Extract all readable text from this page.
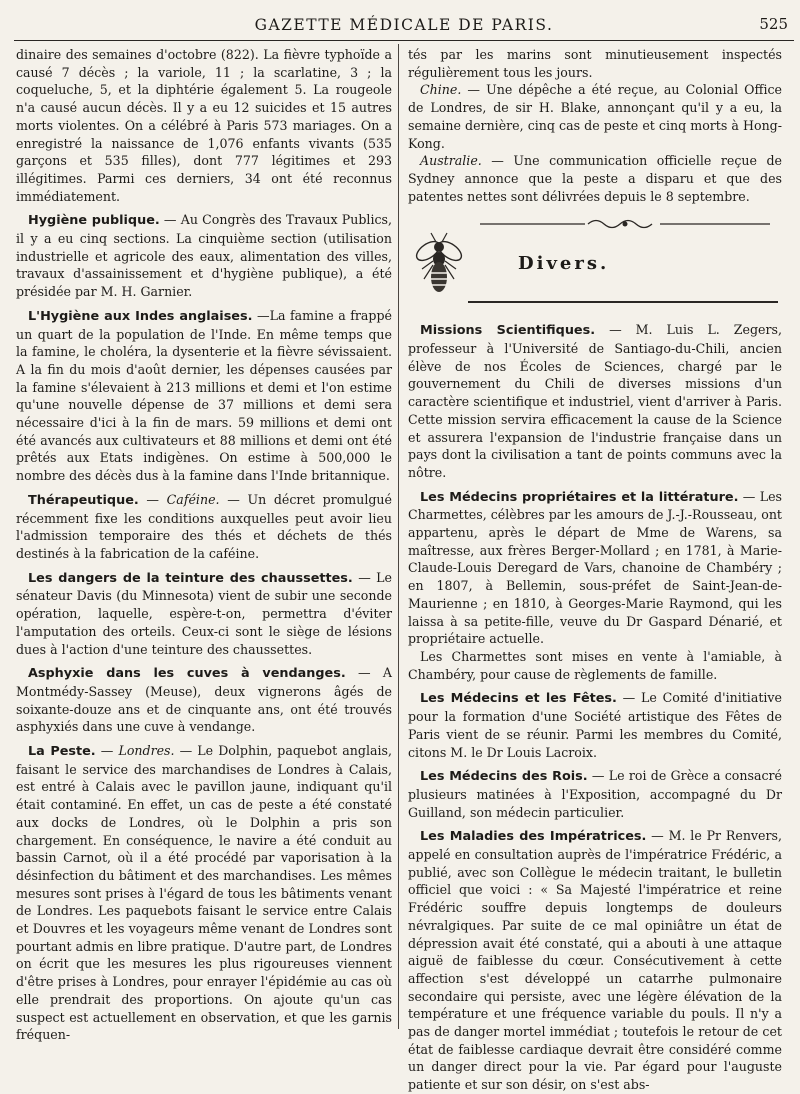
GAZETTE MÉDICALE DE PARIS.	525

dinaire des semaines d'octobre (822). La fièvre typhoïde a causé 7 décès ; la variole, 11 ; la scarlatine, 3 ; la coqueluche, 5, et la diphtérie également 5. La rougeole n'a causé aucun décès. Il y a eu 12 suicides et 15 autres morts violentes. On a célébré à Paris 573 mariages. On a enregistré la naissance de 1,076 enfants vivants (535 garçons et 535 filles), dont 777 légitimes et 293 illégitimes. Parmi ces derniers, 34 ont été reconnus immédiatement.

Hygiène publique. — Au Congrès des Travaux Publics, il y a eu cinq sections. La cinquième section (utilisation industrielle et agricole des eaux, alimentation des villes, travaux d'assainissement et d'hygiène publique), a été présidée par M. H. Garnier.

L'Hygiène aux Indes anglaises. —La famine a frappé un quart de la population de l'Inde. En même temps que la famine, le choléra, la dysenterie et la fièvre sévissaient. A la fin du mois d'août dernier, les dépenses causées par la famine s'élevaient à 213 millions et demi et l'on estime qu'une nouvelle dépense de 37 millions et demi sera nécessaire d'ici à la fin de mars. 59 millions et demi ont été avancés aux cultivateurs et 88 millions et demi ont été prêtés aux Etats indigènes. On estime à 500,000 le nombre des décès dus à la famine dans l'Inde britannique.

Thérapeutique. — Caféine. — Un décret promulgué récemment fixe les conditions auxquelles peut avoir lieu l'admission temporaire des thés et déchets de thés destinés à la fabrication de la caféine.

Les dangers de la teinture des chaussettes. — Le sénateur Davis (du Minnesota) vient de subir une seconde opération, laquelle, espère-t-on, permettra d'éviter l'amputation des orteils. Ceux-ci sont le siège de lésions dues à l'action d'une teinture des chaussettes.

Asphyxie dans les cuves à vendanges. — A Montmédy-Sassey (Meuse), deux vignerons âgés de soixante-douze ans et de cinquante ans, ont été trouvés asphyxiés dans une cuve à vendange.

La Peste. — Londres. — Le Dolphin, paquebot anglais, faisant le service des marchandises de Londres à Calais, est entré à Calais avec le pavillon jaune, indiquant qu'il était contaminé. En effet, un cas de peste a été constaté aux docks de Londres, où le Dolphin a pris son chargement. En conséquence, le navire a été conduit au bassin Carnot, où il a été procédé par vaporisation à la désinfection du bâtiment et des marchandises. Les mêmes mesures sont prises à l'égard de tous les bâtiments venant de Londres. Les paquebots faisant le service entre Calais et Douvres et les voyageurs même venant de Londres sont pourtant admis en libre pratique. D'autre part, de Londres on écrit que les mesures les plus rigoureuses viennent d'être prises à Londres, pour enrayer l'épidémie au cas où elle prendrait des proportions. On ajoute qu'un cas suspect est actuellement en observation, et que les garnis fréquen-

tés par les marins sont minutieusement inspectés régulièrement tous les jours.

Chine. — Une dépêche a été reçue, au Colonial Office de Londres, de sir H. Blake, annonçant qu'il y a eu, la semaine dernière, cinq cas de peste et cinq morts à Hong-Kong.

Australie. — Une communication officielle reçue de Sydney annonce que la peste a disparu et que des patentes nettes sont délivrées depuis le 8 septembre.

Divers.

Missions Scientifiques. — M. Luis L. Zegers, professeur à l'Université de Santiago-du-Chili, ancien élève de nos Écoles de Sciences, chargé par le gouvernement du Chili de diverses missions d'un caractère scientifique et industriel, vient d'arriver à Paris. Cette mission servira efficacement la cause de la Science et assurera l'expansion de l'industrie française dans un pays dont la civilisation a tant de points communs avec la nôtre.

Les Médecins propriétaires et la littérature. — Les Charmettes, célèbres par les amours de J.-J.-Rousseau, ont appartenu, après le départ de Mme de Warens, sa maîtresse, aux frères Berger-Mollard ; en 1781, à Marie-Claude-Louis Deregard de Vars, chanoine de Chambéry ; en 1807, à Bellemin, sous-préfet de Saint-Jean-de-Maurienne ; en 1810, à Georges-Marie Raymond, qui les laissa à sa petite-fille, veuve du Dr Gaspard Dénarié, et propriétaire actuelle.

Les Charmettes sont mises en vente à l'amiable, à Chambéry, pour cause de règlements de famille.

Les Médecins et les Fêtes. — Le Comité d'initiative pour la formation d'une Société artistique des Fêtes de Paris vient de se réunir. Parmi les membres du Comité, citons M. le Dr Louis Lacroix.

Les Médecins des Rois. — Le roi de Grèce a consacré plusieurs matinées à l'Exposition, accompagné du Dr Guilland, son médecin particulier.

Les Maladies des Impératrices. — M. le Pr Renvers, appelé en consultation auprès de l'impératrice Frédéric, a publié, avec son Collègue le médecin traitant, le bulletin officiel que voici : « Sa Majesté l'impératrice et reine Frédéric souffre depuis longtemps de douleurs névralgiques. Par suite de ce mal opiniâtre un état de dépression avait été constaté, qui a abouti à une attaque aiguë de faiblesse du cœur. Consécutivement à cette affection s'est développé un catarrhe pulmonaire secondaire qui persiste, avec une légère élévation de la température et une fréquence variable du pouls. Il n'y a pas de danger mortel immédiat ; toutefois le retour de cet état de faiblesse cardiaque devrait être considéré comme un danger direct pour la vie. Par égard pour l'auguste patiente et sur son désir, on s'est abs-
